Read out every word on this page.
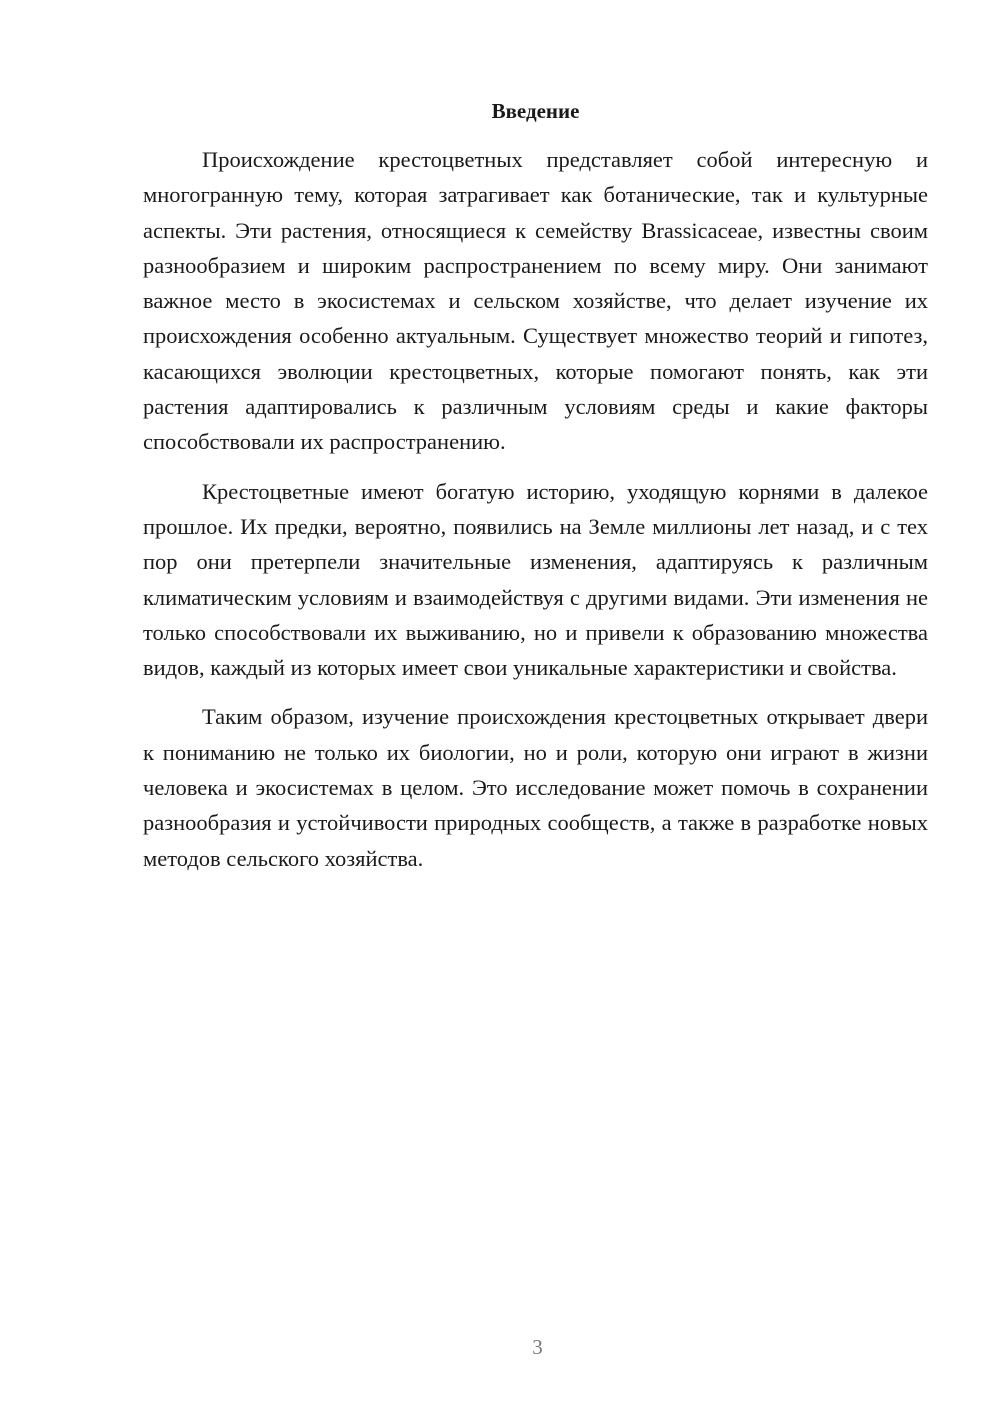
Введение

Происхождение крестоцветных представляет собой интересную и многогранную тему, которая затрагивает как ботанические, так и культурные аспекты. Эти растения, относящиеся к семейству Brassicaceae, известны своим разнообразием и широким распространением по всему миру. Они занимают важное место в экосистемах и сельском хозяйстве, что делает изучение их происхождения особенно актуальным. Существует множество теорий и гипотез, касающихся эволюции крестоцветных, которые помогают понять, как эти растения адаптировались к различным условиям среды и какие факторы способствовали их распространению.

Крестоцветные имеют богатую историю, уходящую корнями в далекое прошлое. Их предки, вероятно, появились на Земле миллионы лет назад, и с тех пор они претерпели значительные изменения, адаптируясь к различным климатическим условиям и взаимодействуя с другими видами. Эти изменения не только способствовали их выживанию, но и привели к образованию множества видов, каждый из которых имеет свои уникальные характеристики и свойства.

Таким образом, изучение происхождения крестоцветных открывает двери к пониманию не только их биологии, но и роли, которую они играют в жизни человека и экосистемах в целом. Это исследование может помочь в сохранении разнообразия и устойчивости природных сообществ, а также в разработке новых методов сельского хозяйства.

3
